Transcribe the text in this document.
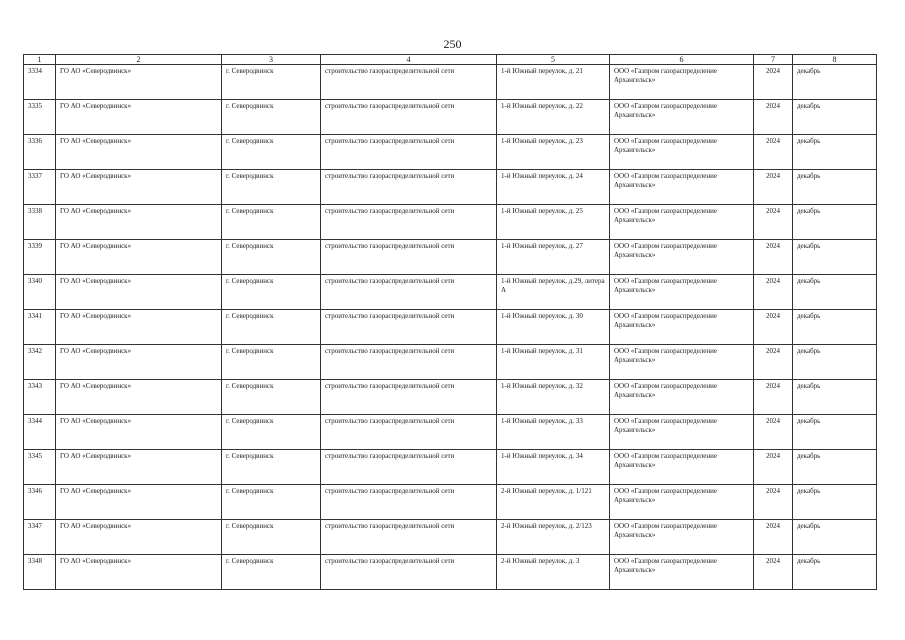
250
1	2	3	4	5	6	7	8
3334	ГО АО «Северодвинск»	г. Северодвинск	строительство газораспределительной сети	1-й Южный переулок, д. 21	ООО «Газпром газораспределение Архангельск»	2024	декабрь
3335	ГО АО «Северодвинск»	г. Северодвинск	строительство газораспределительной сети	1-й Южный переулок, д. 22	ООО «Газпром газораспределение Архангельск»	2024	декабрь
3336	ГО АО «Северодвинск»	г. Северодвинск	строительство газораспределительной сети	1-й Южный переулок, д. 23	ООО «Газпром газораспределение Архангельск»	2024	декабрь
3337	ГО АО «Северодвинск»	г. Северодвинск	строительство газораспределительной сети	1-й Южный переулок, д. 24	ООО «Газпром газораспределение Архангельск»	2024	декабрь
3338	ГО АО «Северодвинск»	г. Северодвинск	строительство газораспределительной сети	1-й Южный переулок, д. 25	ООО «Газпром газораспределение Архангельск»	2024	декабрь
3339	ГО АО «Северодвинск»	г. Северодвинск	строительство газораспределительной сети	1-й Южный переулок, д. 27	ООО «Газпром газораспределение Архангельск»	2024	декабрь
3340	ГО АО «Северодвинск»	г. Северодвинск	строительство газораспределительной сети	1-й Южный переулок, д.29, литера А	ООО «Газпром газораспределение Архангельск»	2024	декабрь
3341	ГО АО «Северодвинск»	г. Северодвинск	строительство газораспределительной сети	1-й Южный переулок, д. 30	ООО «Газпром газораспределение Архангельск»	2024	декабрь
3342	ГО АО «Северодвинск»	г. Северодвинск	строительство газораспределительной сети	1-й Южный переулок, д. 31	ООО «Газпром газораспределение Архангельск»	2024	декабрь
3343	ГО АО «Северодвинск»	г. Северодвинск	строительство газораспределительной сети	1-й Южный переулок, д. 32	ООО «Газпром газораспределение Архангельск»	2024	декабрь
3344	ГО АО «Северодвинск»	г. Северодвинск	строительство газораспределительной сети	1-й Южный переулок, д. 33	ООО «Газпром газораспределение Архангельск»	2024	декабрь
3345	ГО АО «Северодвинск»	г. Северодвинск	строительство газораспределительной сети	1-й Южный переулок, д. 34	ООО «Газпром газораспределение Архангельск»	2024	декабрь
3346	ГО АО «Северодвинск»	г. Северодвинск	строительство газораспределительной сети	2-й Южный переулок, д. 1/121	ООО «Газпром газораспределение Архангельск»	2024	декабрь
3347	ГО АО «Северодвинск»	г. Северодвинск	строительство газораспределительной сети	2-й Южный переулок, д. 2/123	ООО «Газпром газораспределение Архангельск»	2024	декабрь
3348	ГО АО «Северодвинск»	г. Северодвинск	строительство газораспределительной сети	2-й Южный переулок, д. 3	ООО «Газпром газораспределение Архангельск»	2024	декабрь
